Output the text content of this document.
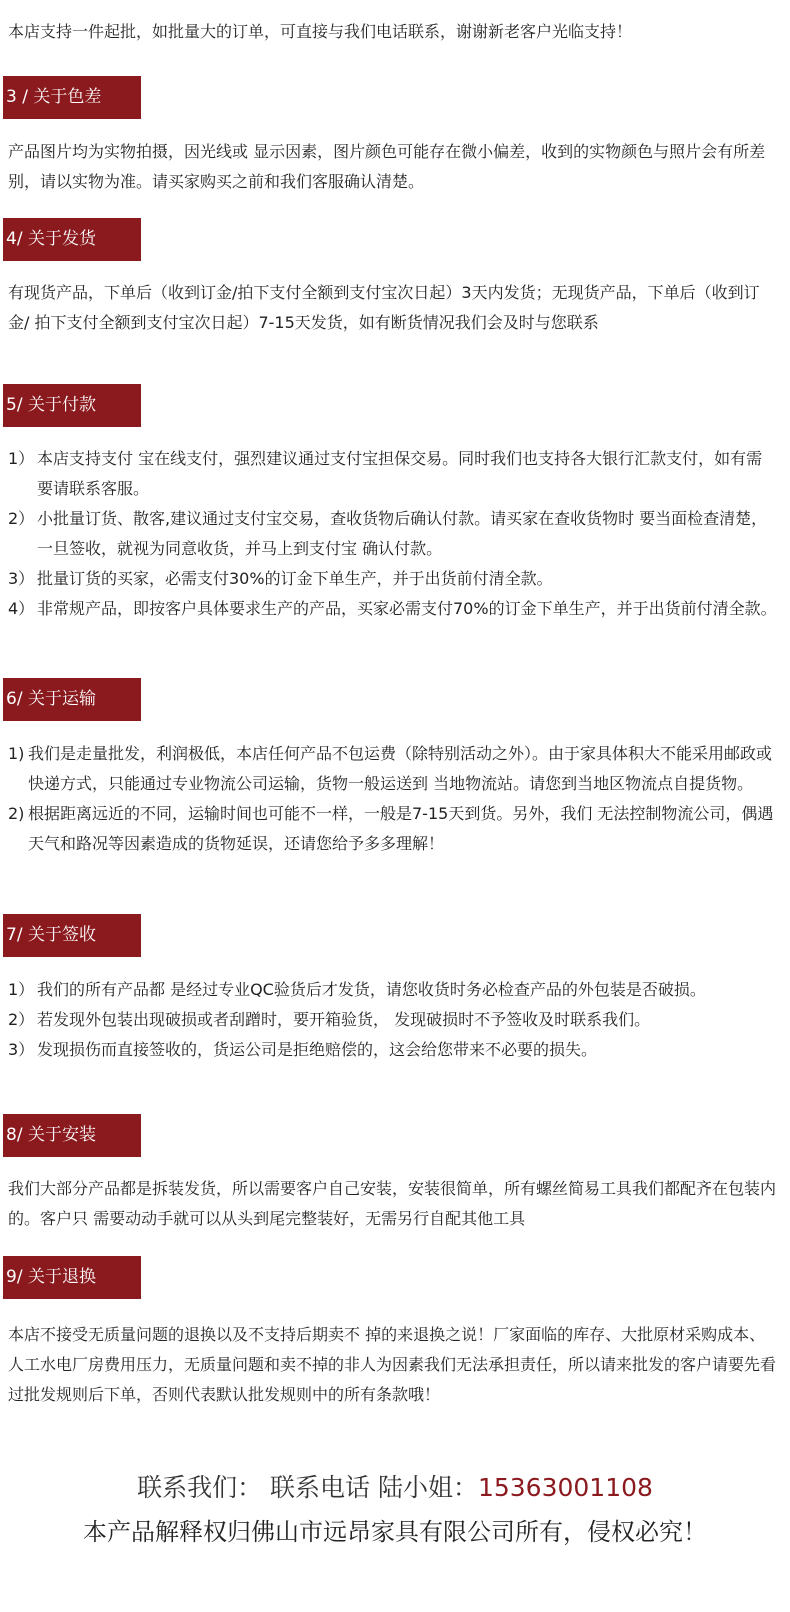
本店支持一件起批，如批量大的订单，可直接与我们电话联系，谢谢新老客户光临支持！

3 / 关于色差

产品图片均为实物拍摄，因光线或 显示因素，图片颜色可能存在微小偏差，收到的实物颜色与照片会有所差别，请以实物为准。请买家购买之前和我们客服确认清楚。

4/ 关于发货

有现货产品，下单后（收到订金/拍下支付全额到支付宝次日起）3天内发货；无现货产品，下单后（收到订金/ 拍下支付全额到支付宝次日起）7-15天发货，如有断货情况我们会及时与您联系

5/ 关于付款
1） 本店支持支付 宝在线支付，强烈建议通过支付宝担保交易。同时我们也支持各大银行汇款支付，如有需要请联系客服。
2） 小批量订货、散客,建议通过支付宝交易，查收货物后确认付款。请买家在查收货物时 要当面检查清楚，一旦签收，就视为同意收货，并马上到支付宝 确认付款。
3） 批量订货的买家，必需支付30%的订金下单生产，并于出货前付清全款。
4） 非常规产品，即按客户具体要求生产的产品，买家必需支付70%的订金下单生产，并于出货前付清全款。
6/ 关于运输
1) 我们是走量批发，利润极低，本店任何产品不包运费（除特别活动之外）。由于家具体积大不能采用邮政或快递方式，只能通过专业物流公司运输，货物一般运送到 当地物流站。请您到当地区物流点自提货物。
2) 根据距离远近的不同，运输时间也可能不一样，一般是7-15天到货。另外，我们 无法控制物流公司，偶遇天气和路况等因素造成的货物延误，还请您给予多多理解！
7/ 关于签收
1） 我们的所有产品都 是经过专业QC验货后才发货，请您收货时务必检查产品的外包装是否破损。
2） 若发现外包装出现破损或者刮蹭时，要开箱验货， 发现破损时不予签收及时联系我们。
3） 发现损伤而直接签收的，货运公司是拒绝赔偿的，这会给您带来不必要的损失。
8/ 关于安装

我们大部分产品都是拆装发货，所以需要客户自己安装，安装很简单，所有螺丝简易工具我们都配齐在包装内的。客户只 需要动动手就可以从头到尾完整装好，无需另行自配其他工具

9/ 关于退换

本店不接受无质量问题的退换以及不支持后期卖不 掉的来退换之说！厂家面临的库存、大批原材采购成本、人工水电厂房费用压力，无质量问题和卖不掉的非人为因素我们无法承担责任，所以请来批发的客户请要先看过批发规则后下单，否则代表默认批发规则中的所有条款哦！

联系我们： 联系电话 陆小姐：15363001108
本产品解释权归佛山市远昂家具有限公司所有，侵权必究！
